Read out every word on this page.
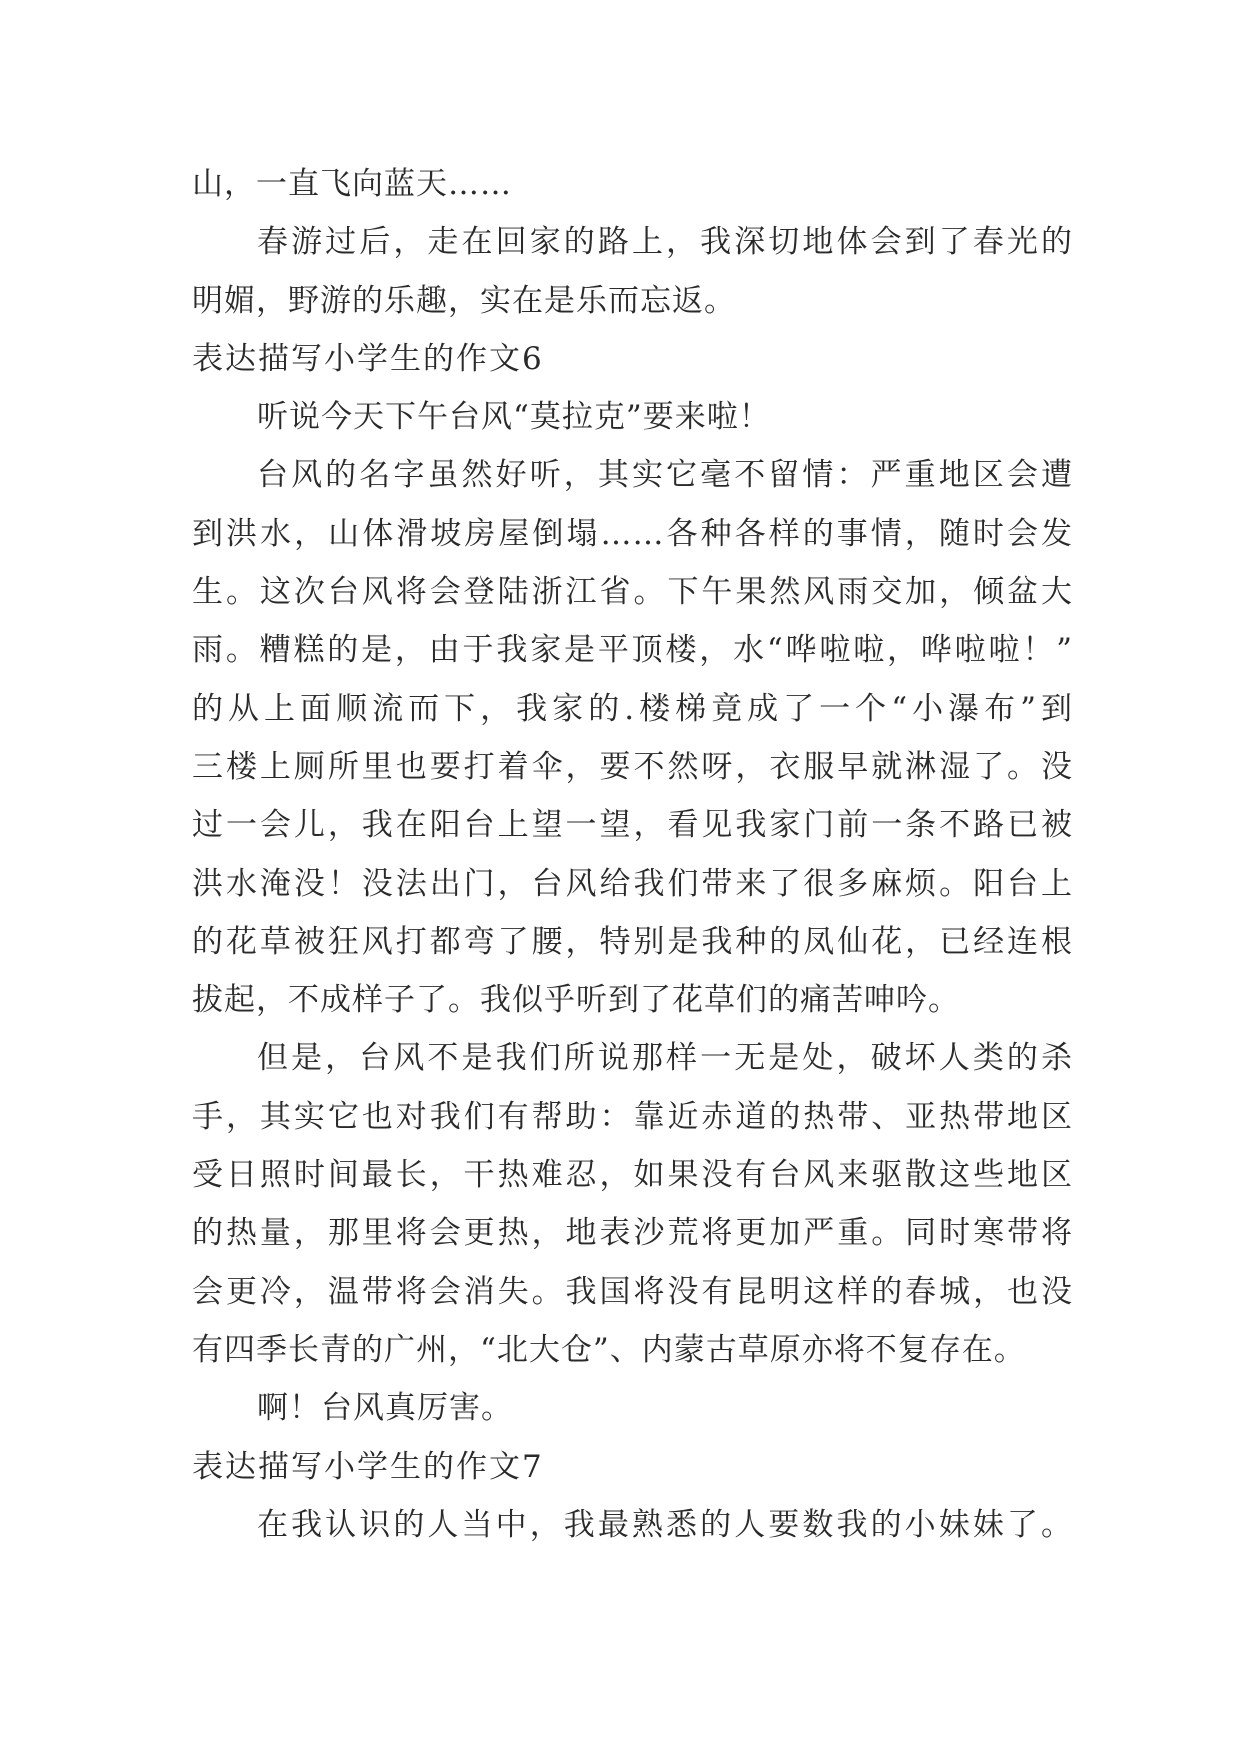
山，一直飞向蓝天……
春游过后，走在回家的路上，我深切地体会到了春光的
明媚，野游的乐趣，实在是乐而忘返。
表达描写小学生的作文6
听说今天下午台风“莫拉克”要来啦！
台风的名字虽然好听，其实它毫不留情：严重地区会遭
到洪水，山体滑坡房屋倒塌……各种各样的事情，随时会发
生。这次台风将会登陆浙江省。下午果然风雨交加，倾盆大
雨。糟糕的是，由于我家是平顶楼，水“哗啦啦，哗啦啦！”
的从上面顺流而下，我家的.楼梯竟成了一个“小瀑布”到
三楼上厕所里也要打着伞，要不然呀，衣服早就淋湿了。没
过一会儿，我在阳台上望一望，看见我家门前一条不路已被
洪水淹没！没法出门，台风给我们带来了很多麻烦。阳台上
的花草被狂风打都弯了腰，特别是我种的凤仙花，已经连根
拔起，不成样子了。我似乎听到了花草们的痛苦呻吟。
但是，台风不是我们所说那样一无是处，破坏人类的杀
手，其实它也对我们有帮助：靠近赤道的热带、亚热带地区
受日照时间最长，干热难忍，如果没有台风来驱散这些地区
的热量，那里将会更热，地表沙荒将更加严重。同时寒带将
会更冷，温带将会消失。我国将没有昆明这样的春城，也没
有四季长青的广州，“北大仓”、内蒙古草原亦将不复存在。
啊！台风真厉害。
表达描写小学生的作文7
在我认识的人当中，我最熟悉的人要数我的小妹妹了。
